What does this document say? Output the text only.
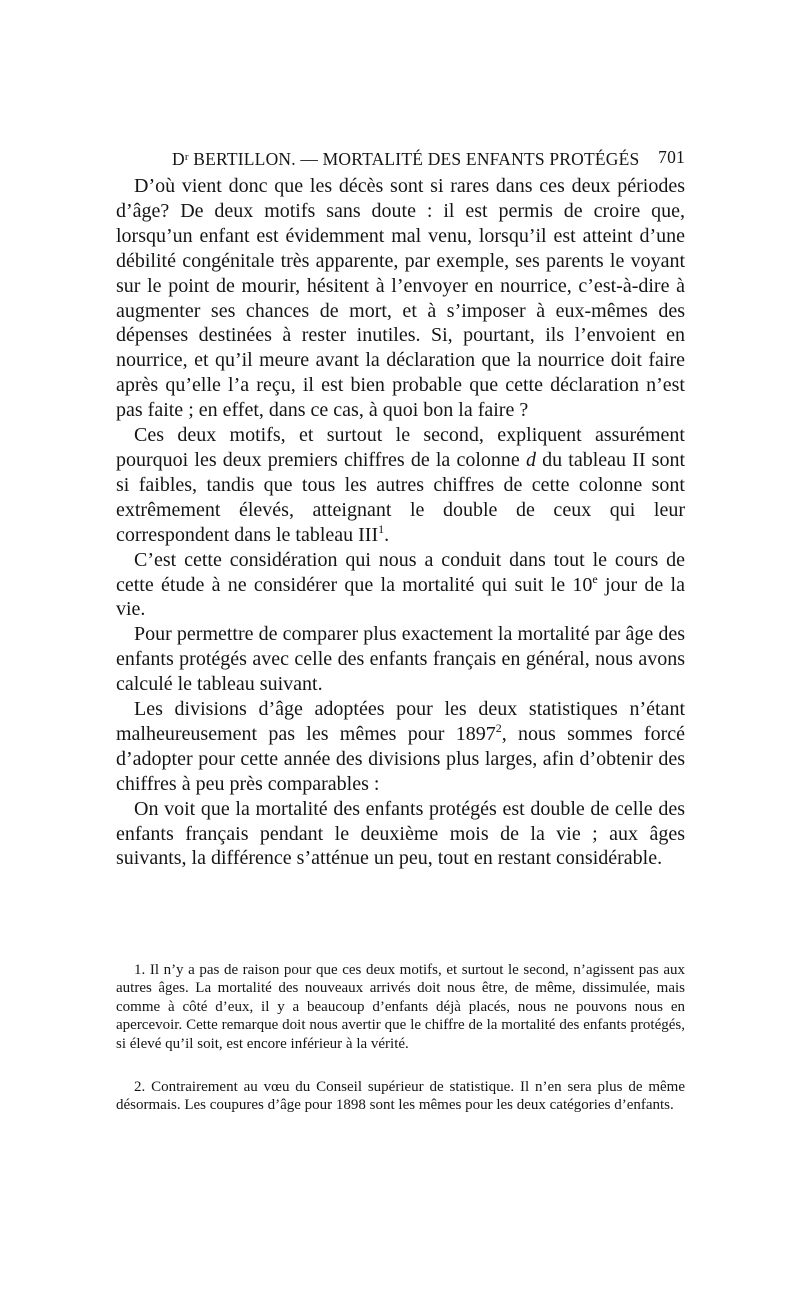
$D^r$ BERTILLON. — MORTALITÉ DES ENFANTS PROTÉGÉS 701

D’où vient donc que les décès sont si rares dans ces deux périodes d’âge? De deux motifs sans doute : il est permis de croire que, lorsqu’un enfant est évidemment mal venu, lorsqu’il est atteint d’une débilité congénitale très apparente, par exemple, ses parents le voyant sur le point de mourir, hésitent à l’envoyer en nourrice, c’est-à-dire à augmenter ses chances de mort, et à s’imposer à eux-mêmes des dépenses destinées à rester inutiles. Si, pourtant, ils l’envoient en nourrice, et qu’il meure avant la déclaration que la nourrice doit faire après qu’elle l’a reçu, il est bien probable que cette déclaration n’est pas faite ; en effet, dans ce cas, à quoi bon la faire ?

Ces deux motifs, et surtout le second, expliquent assurément pourquoi les deux premiers chiffres de la colonne d du tableau II sont si faibles, tandis que tous les autres chiffres de cette colonne sont extrêmement élevés, atteignant le double de ceux qui leur correspondent dans le tableau III$^1$.

C’est cette considération qui nous a conduit dans tout le cours de cette étude à ne considérer que la mortalité qui suit le 10e jour de la vie.

Pour permettre de comparer plus exactement la mortalité par âge des enfants protégés avec celle des enfants français en général, nous avons calculé le tableau suivant.

Les divisions d’âge adoptées pour les deux statistiques n’étant malheureusement pas les mêmes pour 1897$^2$, nous sommes forcé d’adopter pour cette année des divisions plus larges, afin d’obtenir des chiffres à peu près comparables :

On voit que la mortalité des enfants protégés est double de celle des enfants français pendant le deuxième mois de la vie ; aux âges suivants, la différence s’atténue un peu, tout en restant considérable.

1. Il n’y a pas de raison pour que ces deux motifs, et surtout le second, n’agissent pas aux autres âges. La mortalité des nouveaux arrivés doit nous être, de même, dissimulée, mais comme à côté d’eux, il y a beaucoup d’enfants déjà placés, nous ne pouvons nous en apercevoir. Cette remarque doit nous avertir que le chiffre de la mortalité des enfants protégés, si élevé qu’il soit, est encore inférieur à la vérité.

2. Contrairement au vœu du Conseil supérieur de statistique. Il n’en sera plus de même désormais. Les coupures d’âge pour 1898 sont les mêmes pour les deux catégories d’enfants.
